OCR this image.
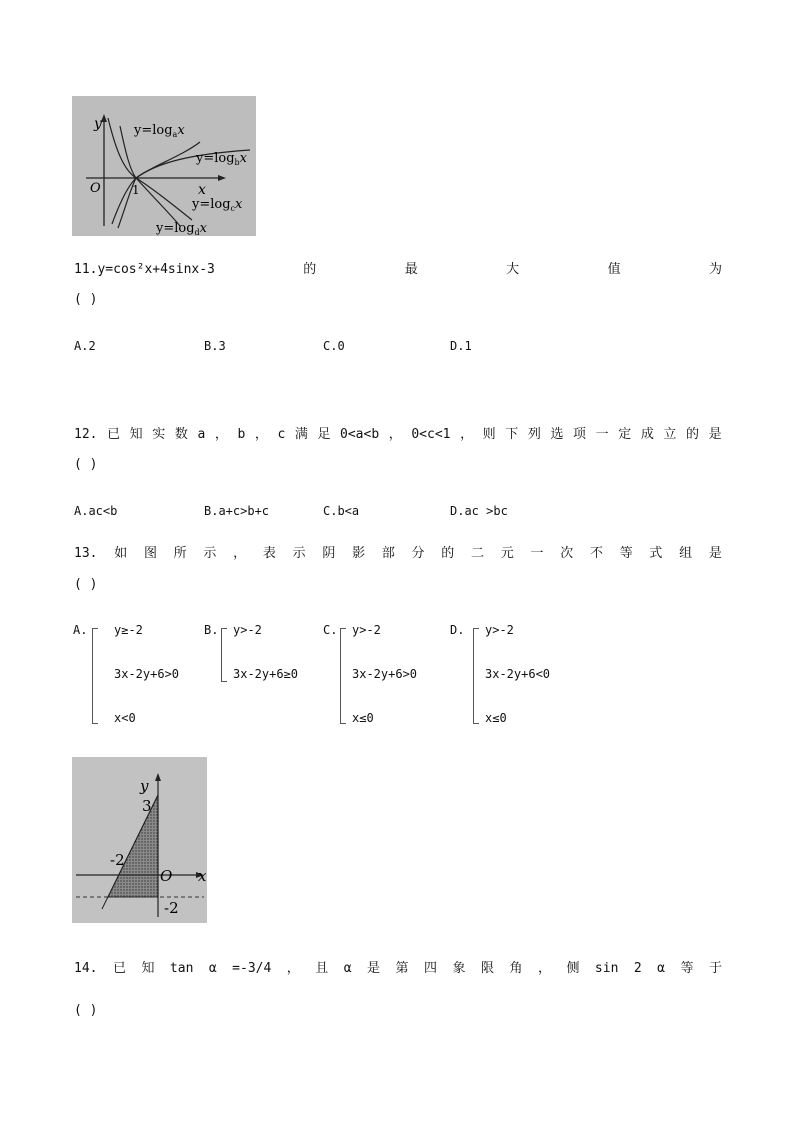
y
x
O	1
$y=\log_ax$
$y=\log_bx$
$y=\log_cx$
$y=\log_dx$
11.y=cos²x+4sinx-3	的	最	大	值	为
( )
A.2	B.3	C.0	D.1
12. 已 知 实 数 a ， b ， c 满 足 0<a<b ， 0<c<1 ， 则 下 列 选 项 一 定 成 立 的 是
( )
A.ac<b	B.a+c>b+c	C.b<a	D.ac >bc
13. 如 图 所 示 ， 表 示 阴 影 部 分 的 二 元 一 次 不 等 式 组 是
( )
A. y≥-2
3x-2y+6>0
x<0
B. y>-2
3x-2y+6≥0
C. y>-2
3x-2y+6>0
x≤0
D. y>-2
3x-2y+6<0
x≤0
y
x
O
3
-2
-2
14. 已 知 tan α =-3/4 ， 且 α 是 第 四 象 限 角 ， 侧 sin 2 α 等 于
( )
